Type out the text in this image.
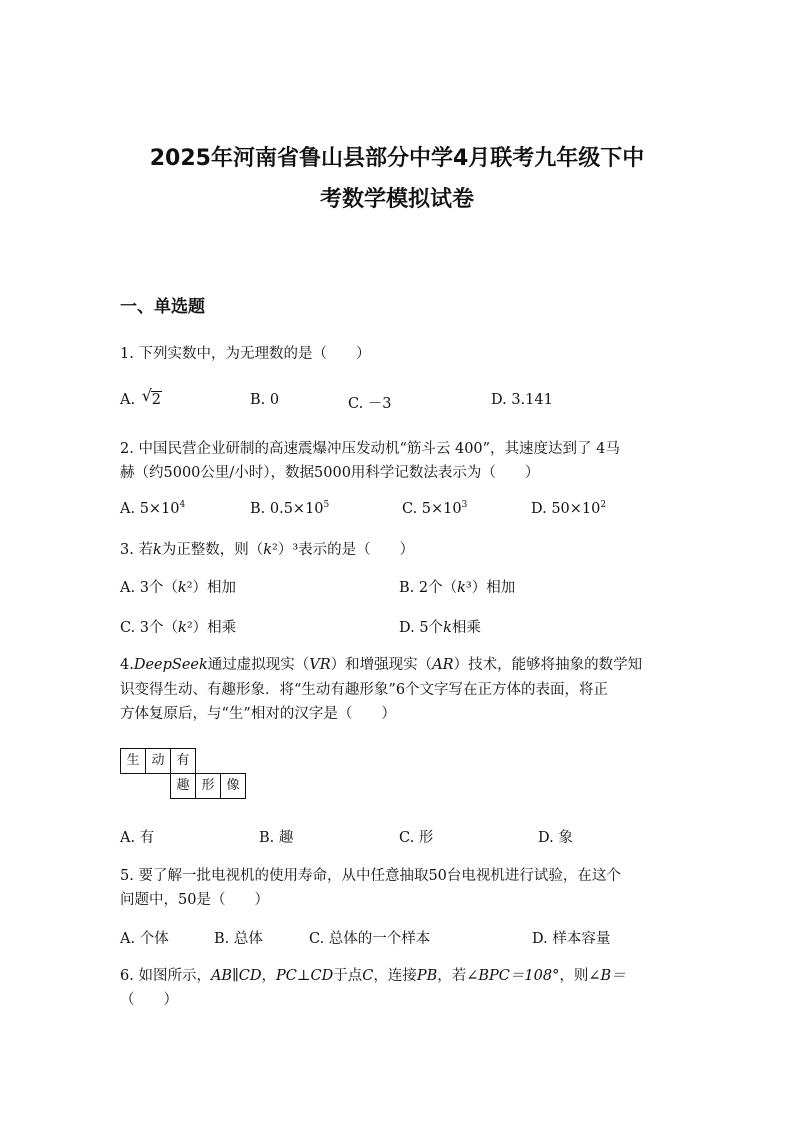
2025年河南省鲁山县部分中学4月联考九年级下中
考数学模拟试卷
一、单选题
1. 下列实数中，为无理数的是（　　）
A. √ 2	B. 0	C. －3	D. 3.141
2. 中国民营企业研制的高速震爆冲压发动机“筋斗云 400”，其速度达到了 4马
赫（约5000公里/小时），数据5000用科学记数法表示为（　　）
A. $5\times 10^4$	B. $0.5\times 10^5$	C. $5\times 10^3$	D. $50\times 10^2$
3. 若k为正整数，则（k²）³表示的是（　　）
A. 3个（k²）相加	B. 2个（k³）相加
C. 3个（k²）相乘	D. 5个k相乘
4.DeepSeek通过虚拟现实（VR）和增强现实（AR）技术，能够将抽象的数学知
识变得生动、有趣形象．将“生动有趣形象”6个文字写在正方体的表面，将正
方体复原后，与“生”相对的汉字是（　　）
生 动 有
趣 形 像
A. 有	B. 趣	C. 形	D. 象
5. 要了解一批电视机的使用寿命，从中任意抽取50台电视机进行试验，在这个
问题中，50是（　　）
A. 个体	B. 总体	C. 总体的一个样本	D. 样本容量
6. 如图所示，AB∥CD，PC⊥CD于点C，连接PB，若∠BPC＝108°，则∠B＝
（　　）
